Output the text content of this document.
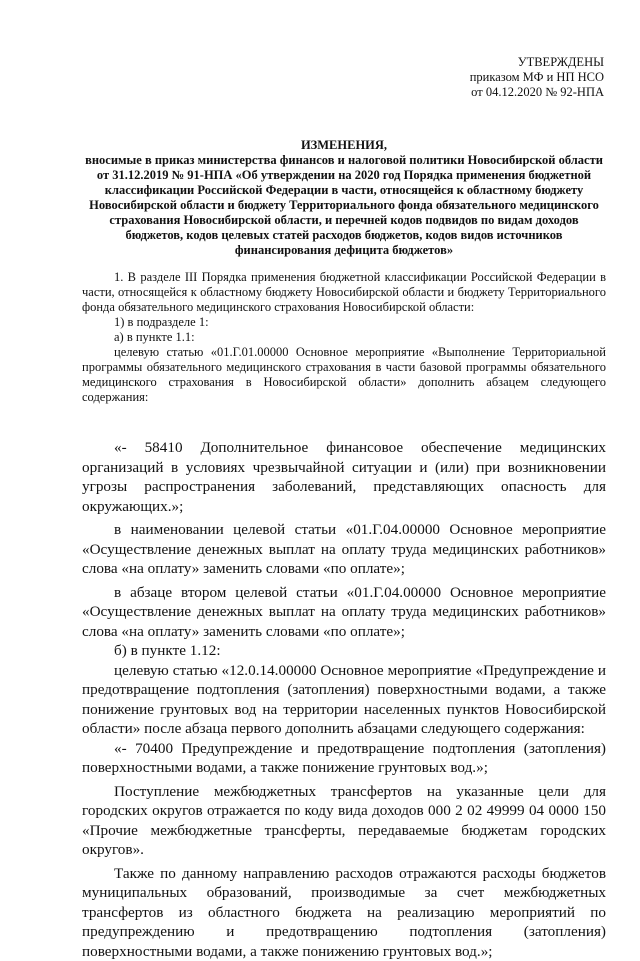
УТВЕРЖДЕНЫ
приказом МФ и НП НСО
от 04.12.2020 № 92-НПА
ИЗМЕНЕНИЯ,
вносимые в приказ министерства финансов и налоговой политики Новосибирской области от 31.12.2019 № 91-НПА «Об утверждении на 2020 год Порядка применения бюджетной классификации Российской Федерации в части, относящейся к областному бюджету Новосибирской области и бюджету Территориального фонда обязательного медицинского страхования Новосибирской области, и перечней кодов подвидов по видам доходов бюджетов, кодов целевых статей расходов бюджетов, кодов видов источников финансирования дефицита бюджетов»

1. В разделе III Порядка применения бюджетной классификации Российской Федерации в части, относящейся к областному бюджету Новосибирской области и бюджету Территориального фонда обязательного медицинского страхования Новосибирской области:

1) в подразделе 1:

а) в пункте 1.1:

целевую статью «01.Г.01.00000 Основное мероприятие «Выполнение Территориальной программы обязательного медицинского страхования в части базовой программы обязательного медицинского страхования в Новосибирской области» дополнить абзацем следующего содержания:

«- 58410 Дополнительное финансовое обеспечение медицинских организаций в условиях чрезвычайной ситуации и (или) при возникновении угрозы распространения заболеваний, представляющих опасность для окружающих.»;

в наименовании целевой статьи «01.Г.04.00000 Основное мероприятие «Осуществление денежных выплат на оплату труда медицинских работников» слова «на оплату» заменить словами «по оплате»;

в абзаце втором целевой статьи «01.Г.04.00000 Основное мероприятие «Осуществление денежных выплат на оплату труда медицинских работников» слова «на оплату» заменить словами «по оплате»;

б) в пункте 1.12:

целевую статью «12.0.14.00000 Основное мероприятие «Предупреждение и предотвращение подтопления (затопления) поверхностными водами, а также понижение грунтовых вод на территории населенных пунктов Новосибирской области» после абзаца первого дополнить абзацами следующего содержания:

«- 70400 Предупреждение и предотвращение подтопления (затопления) поверхностными водами, а также понижение грунтовых вод.»;

Поступление межбюджетных трансфертов на указанные цели для городских округов отражается по коду вида доходов 000 2 02 49999 04 0000 150 «Прочие межбюджетные трансферты, передаваемые бюджетам городских округов».

Также по данному направлению расходов отражаются расходы бюджетов муниципальных образований, производимые за счет межбюджетных трансфертов из областного бюджета на реализацию мероприятий по предупреждению и предотвращению подтопления (затопления) поверхностными водами, а также понижению грунтовых вод.»;
